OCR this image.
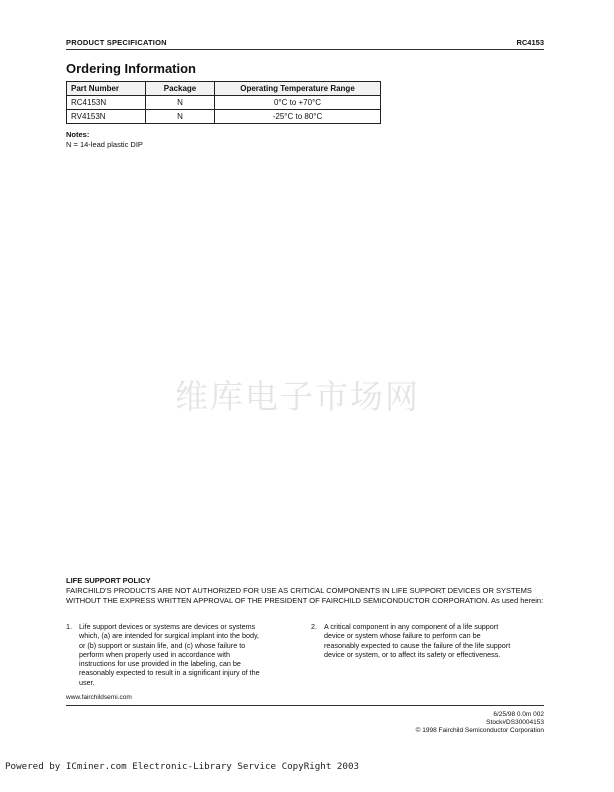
PRODUCT SPECIFICATION	RC4153
Ordering Information
Part Number	Package	Operating Temperature Range
RC4153N	N	0°C to +70°C
RV4153N	N	-25°C to 80°C
Notes:
N = 14-lead plastic DIP
维库电子市场网
LIFE SUPPORT POLICY
FAIRCHILD'S PRODUCTS ARE NOT AUTHORIZED FOR USE AS CRITICAL COMPONENTS IN LIFE SUPPORT DEVICES OR SYSTEMS WITHOUT THE EXPRESS WRITTEN APPROVAL OF THE PRESIDENT OF FAIRCHILD SEMICONDUCTOR CORPORATION. As used herein:
1. Life support devices or systems are devices or systems
which, (a) are intended for surgical implant into the body,
or (b) support or sustain life, and (c) whose failure to
perform when properly used in accordance with
instructions for use provided in the labeling, can be
reasonably expected to result in a significant injury of the
user.
2. A critical component in any component of a life support
device or system whose failure to perform can be
reasonably expected to cause the failure of the life support
device or system, or to affect its safety or effectiveness.
www.fairchildsemi.com
6/25/98 0.0m 002
Stock#DS30004153
© 1998 Fairchild Semiconductor Corporation
Powered by ICminer.com Electronic-Library Service CopyRight 2003
